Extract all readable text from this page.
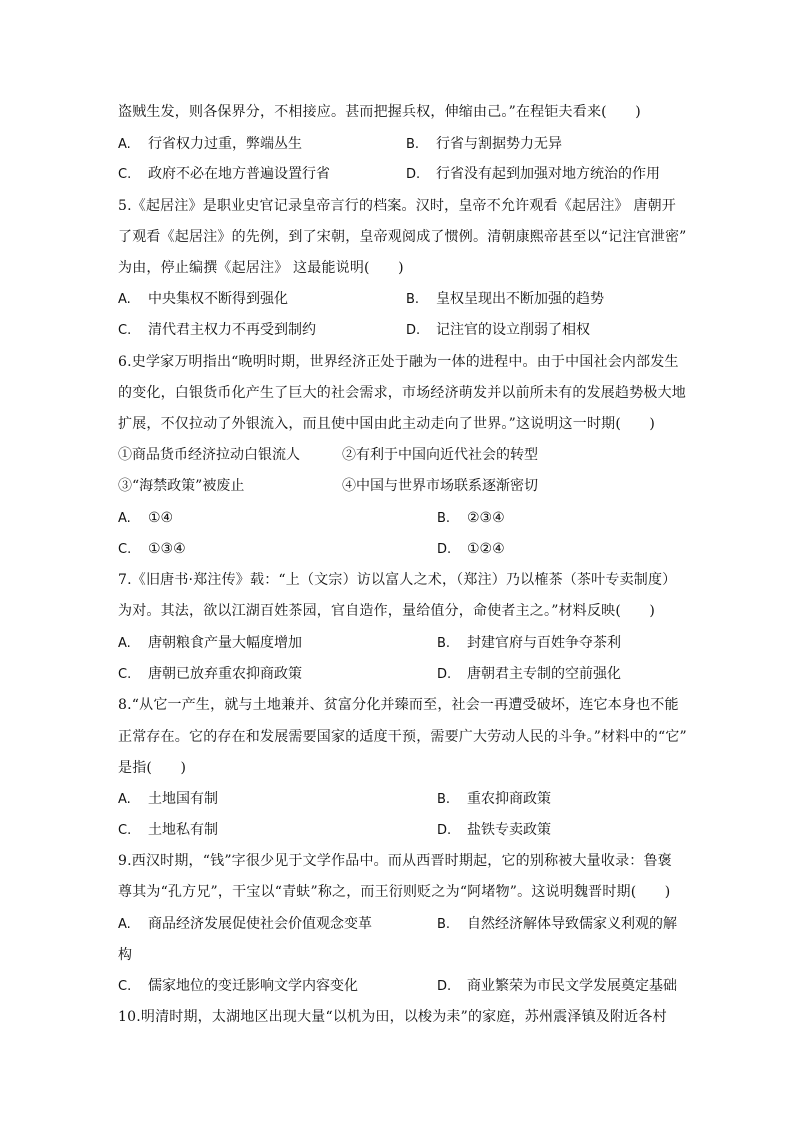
盗贼生发，则各保界分，不相接应。甚而把握兵权，伸缩由己。”在程钜夫看来(　　)
A. 行省权力过重，弊端丛生	B. 行省与割据势力无异
C. 政府不必在地方普遍设置行省	D. 行省没有起到加强对地方统治的作用
5.《起居注》是职业史官记录皇帝言行的档案。汉时，皇帝不允许观看《起居注》 唐朝开
了观看《起居注》的先例，到了宋朝，皇帝观阅成了惯例。清朝康熙帝甚至以“记注官泄密”
为由，停止编撰《起居注》 这最能说明(　　)
A. 中央集权不断得到强化	B. 皇权呈现出不断加强的趋势
C. 清代君主权力不再受到制约	D. 记注官的设立削弱了相权
6.史学家万明指出“晚明时期，世界经济正处于融为一体的进程中。由于中国社会内部发生
的变化，白银货币化产生了巨大的社会需求，市场经济萌发并以前所未有的发展趋势极大地
扩展，不仅拉动了外银流入，而且使中国由此主动走向了世界。”这说明这一时期(　　)
①商品货币经济拉动白银流人	②有利于中国向近代社会的转型
③“海禁政策”被废止	④中国与世界市场联系逐渐密切
A. ①④	B. ②③④
C. ①③④	D. ①②④
7.《旧唐书·郑注传》载：“上（文宗）访以富人之术，（郑注）乃以榷茶（茶叶专卖制度）
为对。其法，欲以江湖百姓茶园，官自造作，量给值分，命使者主之。”材料反映(　　)
A. 唐朝粮食产量大幅度增加	B. 封建官府与百姓争夺茶利
C. 唐朝已放弃重农抑商政策	D. 唐朝君主专制的空前强化
8.“从它一产生，就与土地兼并、贫富分化并臻而至，社会一再遭受破坏，连它本身也不能
正常存在。它的存在和发展需要国家的适度干预，需要广大劳动人民的斗争。”材料中的“它”
是指(　　)
A. 土地国有制	B. 重农抑商政策
C. 土地私有制	D. 盐铁专卖政策
9.西汉时期，“钱”字很少见于文学作品中。而从西晋时期起，它的别称被大量收录：鲁褒
尊其为“孔方兄”，干宝以“青蚨”称之，而王衍则贬之为“阿堵物”。这说明魏晋时期(　　)
A. 商品经济发展促使社会价值观念变革	B. 自然经济解体导致儒家义利观的解
构
C. 儒家地位的变迁影响文学内容变化	D. 商业繁荣为市民文学发展奠定基础
10.明清时期，太湖地区出现大量“以机为田，以梭为耒”的家庭，苏州震泽镇及附近各村
